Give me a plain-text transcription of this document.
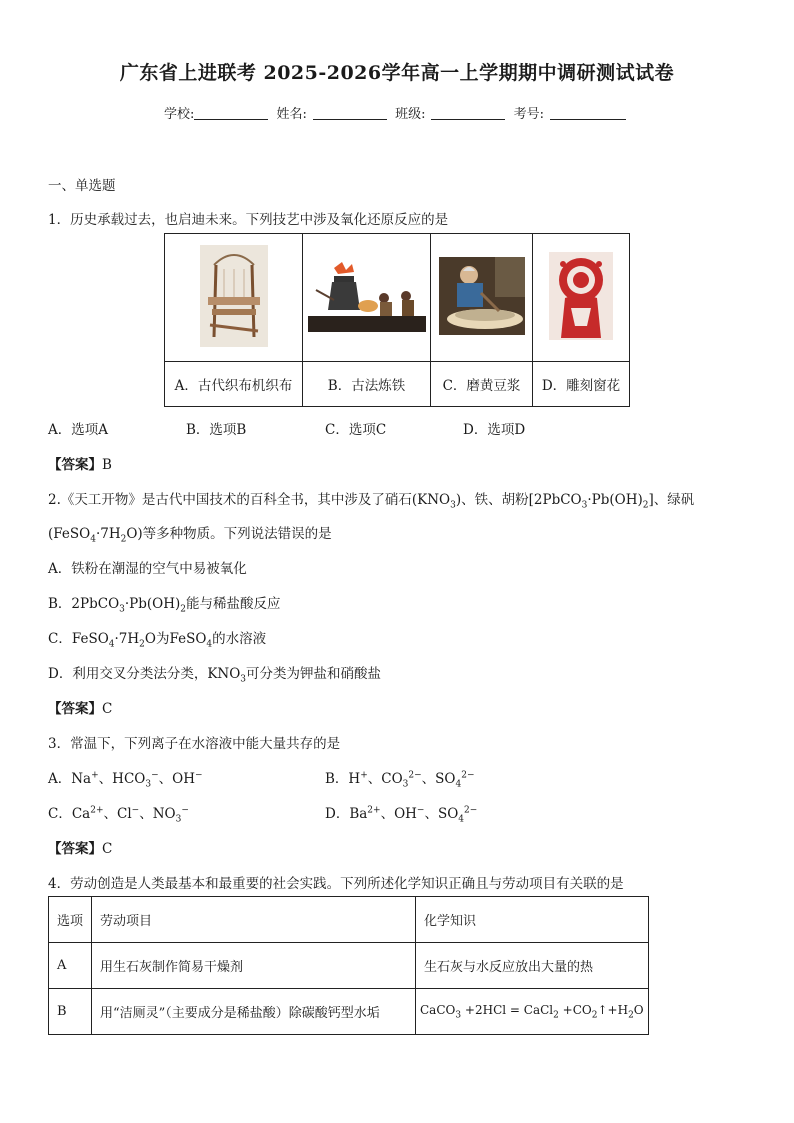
广东省上进联考 2025-2026学年高一上学期期中调研测试试卷
学校:	姓名:	班级:	考号:
一、单选题
1．历史承载过去，也启迪未来。下列技艺中涉及氧化还原反应的是

A．古代织布机织布	B．古法炼铁	C．磨黄豆浆	D．雕刻窗花
A．选项A	B．选项B	C．选项C	D．选项D
【答案】B
2.《天工开物》是古代中国技术的百科全书，其中涉及了硝石$(KNO_3)$、铁、胡粉$[2PbCO_3\cdot Pb(OH)_2]$、绿矾
$(FeSO_4\cdot 7H_2O)$等多种物质。下列说法错误的是
A．铁粉在潮湿的空气中易被氧化
B．$2PbCO_3\cdot Pb(OH)_2$能与稀盐酸反应
C．$FeSO_4\cdot 7H_2O$为FeSO$_4$的水溶液
D．利用交叉分类法分类，$KNO_3$可分类为钾盐和硝酸盐
【答案】C
3．常温下，下列离子在水溶液中能大量共存的是
A．Na+、$HCO_3^-$、OH−	B．H+、$CO_3^{2-}$、$SO_4^{2-}$
C．$Ca^{2+}$、Cl−、$NO_3^-$	D．$Ba^{2+}$、OH−、$SO_4^{2-}$
【答案】C
4．劳动创造是人类最基本和最重要的社会实践。下列所述化学知识正确且与劳动项目有关联的是
选项	劳动项目	化学知识
A	用生石灰制作简易干燥剂	生石灰与水反应放出大量的热
B	用“洁厕灵”（主要成分是稀盐酸）除碳酸钙型水垢	CaCO$_3$ +2HCl = CaCl$_2$ $+CO_2↑+H_2O$
